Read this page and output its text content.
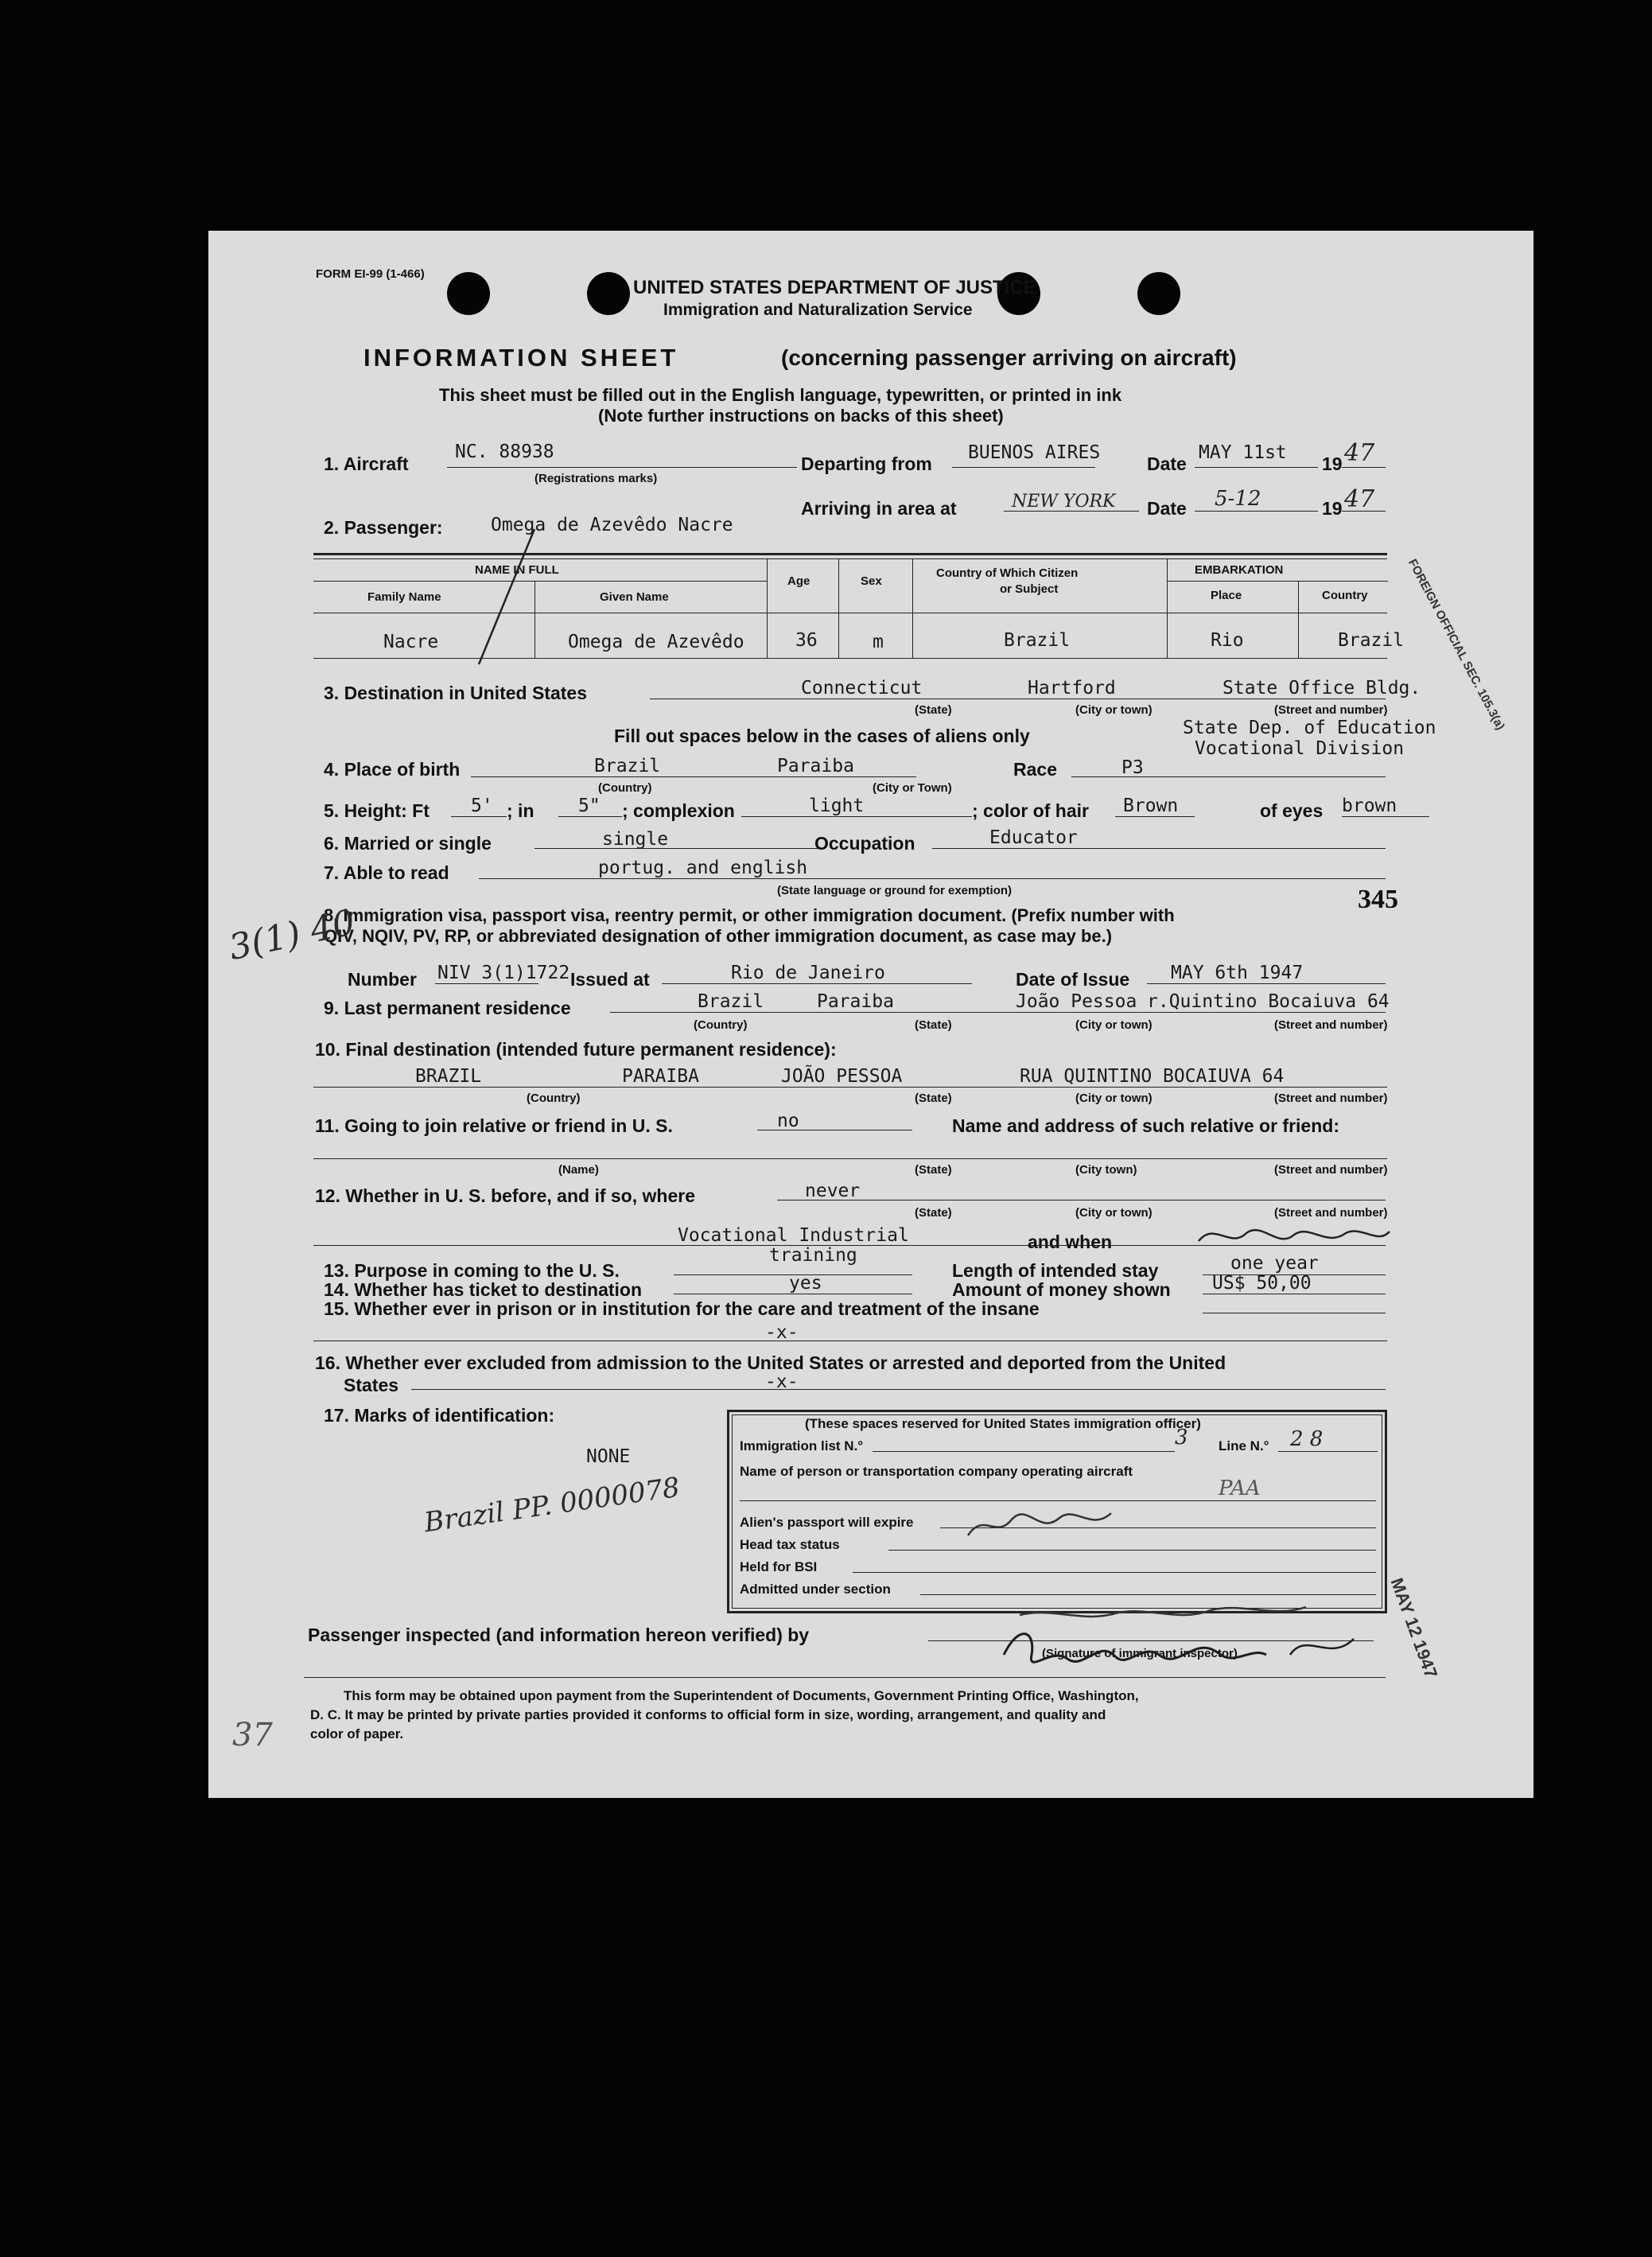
FORM EI-99 (1-466)
UNITED STATES DEPARTMENT OF JUSTICE
Immigration and Naturalization Service
INFORMATION SHEET	(concerning passenger arriving on aircraft)
This sheet must be filled out in the English language, typewritten, or printed in ink
(Note further instructions on backs of this sheet)
1. Aircraft
NC. 88938
(Registrations marks)
Departing from
BUENOS AIRES
Date
MAY 11st
19 47
2. Passenger:	Omega de Azevêdo Nacre
Arriving in area at	NEW YORK Date 5-12	19 47
NAME IN FULL
Family Name	Given Name
Age	Sex
Country of Which Citizen
or Subject
EMBARKATION
Place	Country
Nacre	Omega de Azevêdo	36	m	Brazil	Rio	Brazil FOREIGN OFFICIAL SEC. 105.3(a)
3. Destination in United States	Connecticut	Hartford	State Office Bldg.
(State)	(City or town)	(Street and number)
Fill out spaces below in the cases of aliens only	State Dep. of Education
Vocational Division
4. Place of birth	Brazil	Paraiba	Race	P3
(Country)	(City or Town)
5. Height: Ft 5' ; in 5" ; complexion	light	; color of hair Brown	of eyes brown
6. Married or single	single	Occupation	Educator
7. Able to read	portug. and english
(State language or ground for exemption)
8. Immigration visa, passport visa, reentry permit, or other immigration document. (Prefix number with
QIV, NQIV, PV, RP, or abbreviated designation of other immigration document, as case may be.)
345
Number NIV 3(1)1722 Issued at	Rio de Janeiro	Date of Issue MAY 6th 1947
9. Last permanent residence	Brazil	Paraiba	João Pessoa r.Quintino Bocaiuva 64
(Country)	(State)	(City or town)	(Street and number)
10. Final destination (intended future permanent residence):
BRAZIL	PARAIBA	JOÃO PESSOA	RUA QUINTINO BOCAIUVA 64
(Country)	(State)	(City or town)	(Street and number)
11. Going to join relative or friend in U. S.	no	Name and address of such relative or friend:
(Name)	(State)	(City town)	(Street and number)
12. Whether in U. S. before, and if so, where	never
(State)	(City or town)	(Street and number)
and when
Vocational Industrial
13. Purpose in coming to the U. S.
training
Length of intended stay	one year
14. Whether has ticket to destination	yes	Amount of money shown US$ 50,00
15. Whether ever in prison or in institution for the care and treatment of the insane
-x-
16. Whether ever excluded from admission to the United States or arrested and deported from the United
States	-x-
17. Marks of identification:
NONE
(These spaces reserved for United States immigration officer)
Immigration list N.°	3 Line N.° 2 8
Name of person or transportation company operating aircraft
PAA
Alien's passport will expire
Head tax status
Held for BSI
Admitted under section
Passenger inspected (and information hereon verified) by
(Signature of immigrant inspector)	MAY 12 1947
This form may be obtained upon payment from the Superintendent of Documents, Government Printing Office, Washington,
D. C. It may be printed by private parties provided it conforms to official form in size, wording, arrangement, and quality and
color of paper.
3(1) 40
37
Brazil PP. 0000078
